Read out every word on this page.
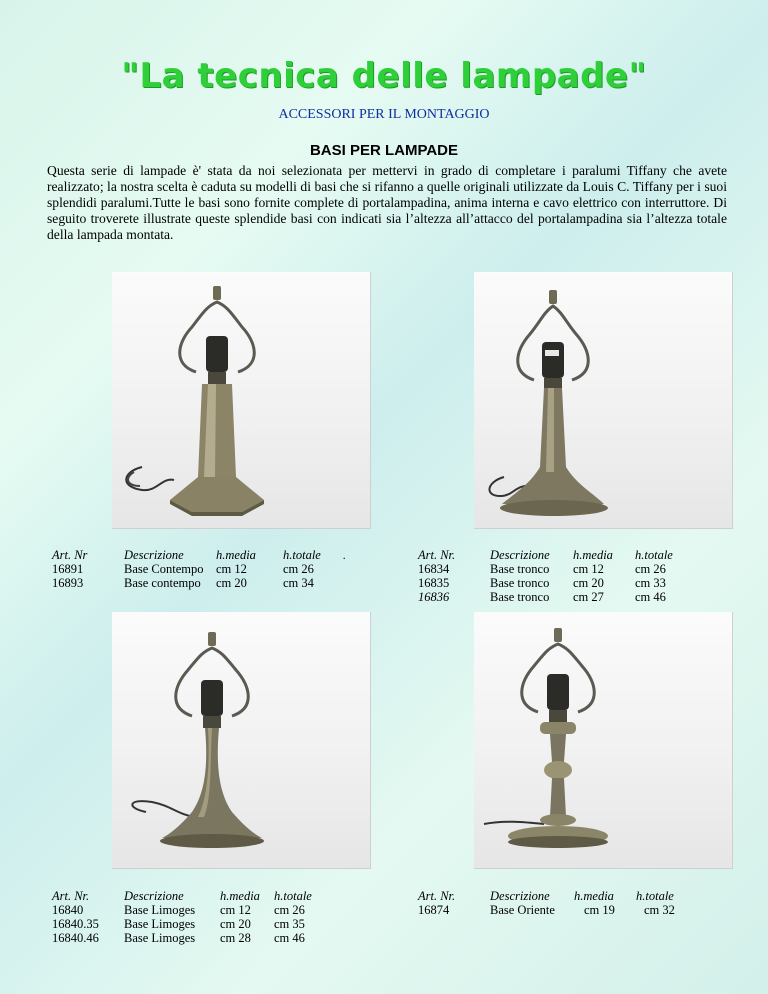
"La tecnica delle lampade"
ACCESSORI PER IL MONTAGGIO
BASI PER LAMPADE
Questa serie di lampade è' stata da noi selezionata per mettervi in grado di completare i paralumi Tiffany che avete realizzato; la nostra scelta è caduta su modelli di basi che si rifanno a quelle originali utilizzate da Louis C. Tiffany per i suoi splendidi paralumi.Tutte le basi sono fornite complete di portalampadina, anima interna e cavo elettrico con interruttore. Di seguito troverete illustrate queste splendide basi con indicati sia l’altezza all’attacco del portalampadina sia l’altezza totale della lampada montata.
Art. Nr	Descrizione	h.media	h.totale	.
16891	Base Contempo	cm 12	cm 26	
16893	Base contempo	cm 20	cm 34	
Art. Nr.	Descrizione	h.media	h.totale
16834	Base tronco	cm 12	cm 26
16835	Base tronco	cm 20	cm 33
16836	Base tronco	cm 27	cm 46
Art. Nr.	Descrizione	h.media	h.totale
16840	Base Limoges	cm 12	cm 26
16840.35	Base Limoges	cm 20	cm 35
16840.46	Base Limoges	cm 28	cm 46
Art. Nr.	Descrizione	h.media	h.totale
16874	Base Oriente	cm 19	cm 32
